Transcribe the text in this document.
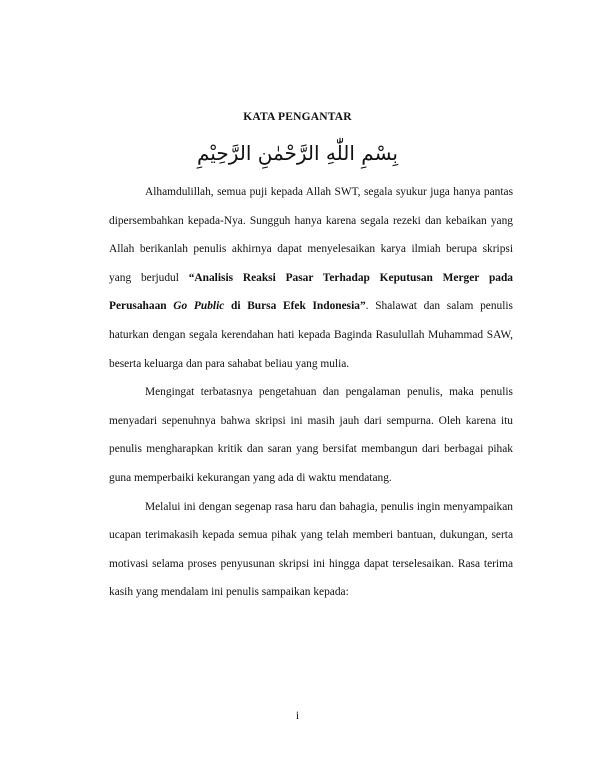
KATA PENGANTAR
بِسْمِ اللّٰهِ الرَّحْمٰنِ الرَّحِيْمِ

Alhamdulillah, semua puji kepada Allah SWT, segala syukur juga hanya pantas dipersembahkan kepada-Nya. Sungguh hanya karena segala rezeki dan kebaikan yang Allah berikanlah penulis akhirnya dapat menyelesaikan karya ilmiah berupa skripsi yang berjudul “Analisis Reaksi Pasar Terhadap Keputusan Merger pada Perusahaan Go Public di Bursa Efek Indonesia”. Shalawat dan salam penulis haturkan dengan segala kerendahan hati kepada Baginda Rasulullah Muhammad SAW, beserta keluarga dan para sahabat beliau yang mulia.

Mengingat terbatasnya pengetahuan dan pengalaman penulis, maka penulis menyadari sepenuhnya bahwa skripsi ini masih jauh dari sempurna. Oleh karena itu penulis mengharapkan kritik dan saran yang bersifat membangun dari berbagai pihak guna memperbaiki kekurangan yang ada di waktu mendatang.

Melalui ini dengan segenap rasa haru dan bahagia, penulis ingin menyampaikan ucapan terimakasih kepada semua pihak yang telah memberi bantuan, dukungan, serta motivasi selama proses penyusunan skripsi ini hingga dapat terselesaikan. Rasa terima kasih yang mendalam ini penulis sampaikan kepada:

i
